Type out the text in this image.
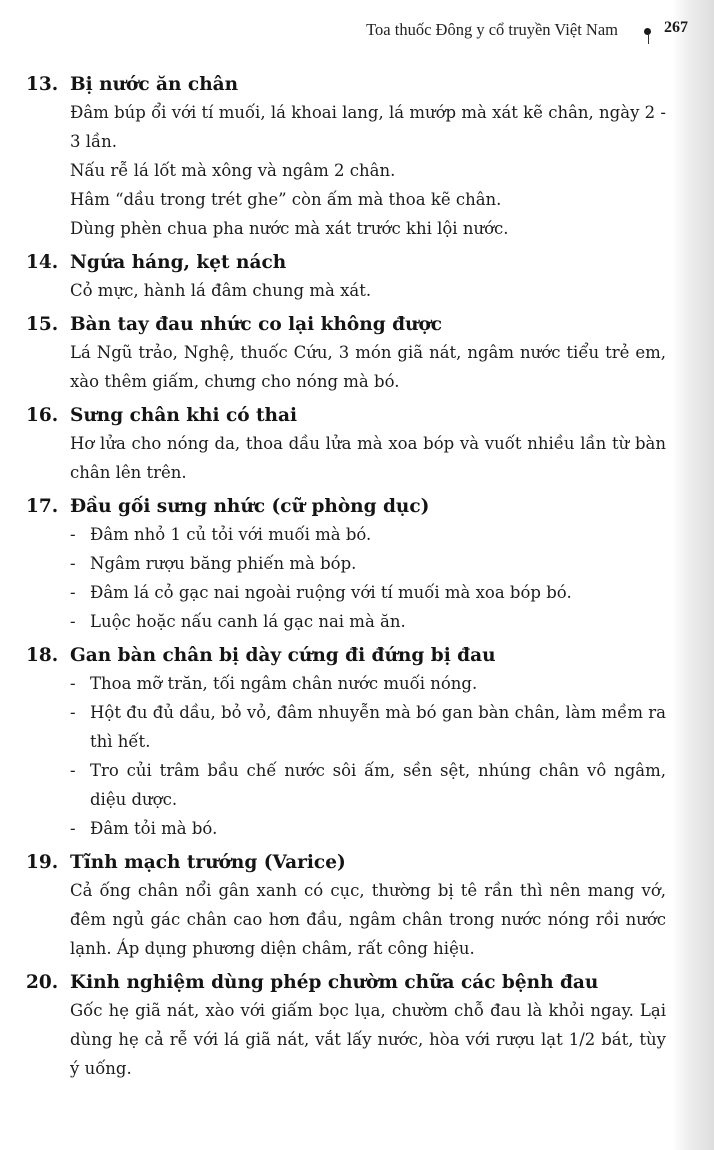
Toa thuốc Đông y cổ truyền Việt Nam	267
13. Bị nước ăn chân

Đâm búp ổi với tí muối, lá khoai lang, lá mướp mà xát kẽ chân, ngày 2 - 3 lần.

Nấu rễ lá lốt mà xông và ngâm 2 chân.

Hâm “dầu trong trét ghe” còn ấm mà thoa kẽ chân.

Dùng phèn chua pha nước mà xát trước khi lội nước.

14. Ngứa háng, kẹt nách

Cỏ mực, hành lá đâm chung mà xát.

15. Bàn tay đau nhức co lại không được

Lá Ngũ trảo, Nghệ, thuốc Cứu, 3 món giã nát, ngâm nước tiểu trẻ em, xào thêm giấm, chưng cho nóng mà bó.

16. Sưng chân khi có thai

Hơ lửa cho nóng da, thoa dầu lửa mà xoa bóp và vuốt nhiều lần từ bàn chân lên trên.

17. Đầu gối sưng nhức (cữ phòng dục)
- Đâm nhỏ 1 củ tỏi với muối mà bó.
- Ngâm rượu băng phiến mà bóp.
- Đâm lá cỏ gạc nai ngoài ruộng với tí muối mà xoa bóp bó.
- Luộc hoặc nấu canh lá gạc nai mà ăn.
18. Gan bàn chân bị dày cứng đi đứng bị đau
- Thoa mỡ trăn, tối ngâm chân nước muối nóng.
- Hột đu đủ dầu, bỏ vỏ, đâm nhuyễn mà bó gan bàn chân, làm mềm ra thì hết.
- Tro củi trâm bầu chế nước sôi ấm, sền sệt, nhúng chân vô ngâm, diệu dược.
- Đâm tỏi mà bó.
19. Tĩnh mạch trướng (Varice)

Cả ống chân nổi gân xanh có cục, thường bị tê rần thì nên mang vớ, đêm ngủ gác chân cao hơn đầu, ngâm chân trong nước nóng rồi nước lạnh. Áp dụng phương diện châm, rất công hiệu.

20. Kinh nghiệm dùng phép chườm chữa các bệnh đau

Gốc hẹ giã nát, xào với giấm bọc lụa, chườm chỗ đau là khỏi ngay. Lại dùng hẹ cả rễ với lá giã nát, vắt lấy nước, hòa với rượu lạt 1/2 bát, tùy ý uống.
